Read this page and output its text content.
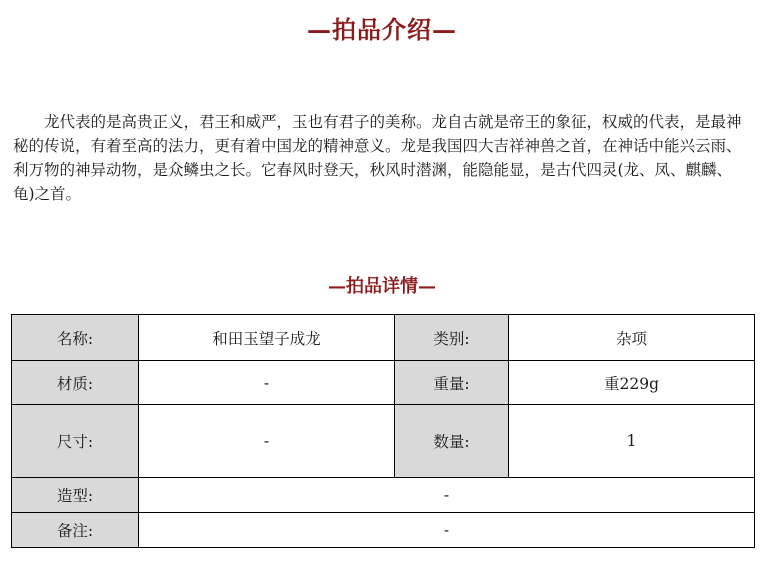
—拍品介绍—
龙代表的是高贵正义，君王和威严，玉也有君子的美称。龙自古就是帝王的象征，权威的代表，是最神秘的传说，有着至高的法力，更有着中国龙的精神意义。龙是我国四大吉祥神兽之首，在神话中能兴云雨、利万物的神异动物，是众鳞虫之长。它春风时登天，秋风时潜渊，能隐能显，是古代四灵(龙、凤、麒麟、龟)之首。
—拍品详情—
名称:	和田玉望子成龙	类别:	杂项
材质:	-	重量:	重229g
尺寸:	-	数量:	1
造型:	-		
备注:	-		
